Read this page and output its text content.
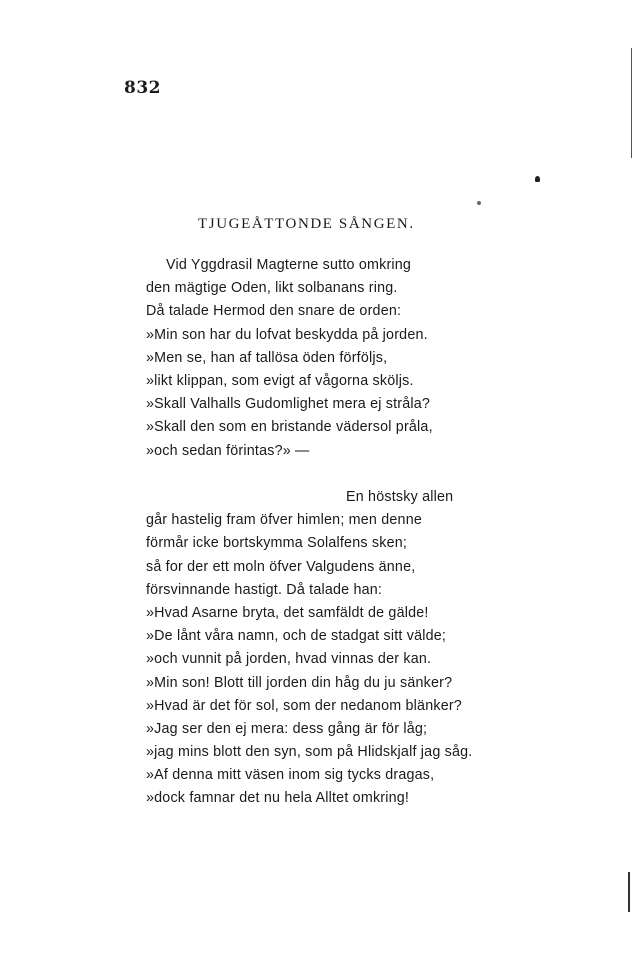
832
TJUGEÅTTONDE SÅNGEN.
Vid Yggdrasil Magterne sutto omkring
den mägtige Oden, likt solbanans ring.
Då talade Hermod den snare de orden:
»Min son har du lofvat beskydda på jorden.
»Men se, han af tallösa öden förföljs,
»likt klippan, som evigt af vågorna sköljs.
»Skall Valhalls Gudomlighet mera ej stråla?
»Skall den som en bristande vädersol pråla,
»och sedan förintas?» —
En höstsky allen
går hastelig fram öfver himlen; men denne
förmår icke bortskymma Solalfens sken;
så for der ett moln öfver Valgudens änne,
försvinnande hastigt. Då talade han:
»Hvad Asarne bryta, det samfäldt de gälde!
»De lånt våra namn, och de stadgat sitt välde;
»och vunnit på jorden, hvad vinnas der kan.
»Min son! Blott till jorden din håg du ju sänker?
»Hvad är det för sol, som der nedanom blänker?
»Jag ser den ej mera: dess gång är för låg;
»jag mins blott den syn, som på Hlidskjalf jag såg.
»Af denna mitt väsen inom sig tycks dragas,
»dock famnar det nu hela Alltet omkring!
